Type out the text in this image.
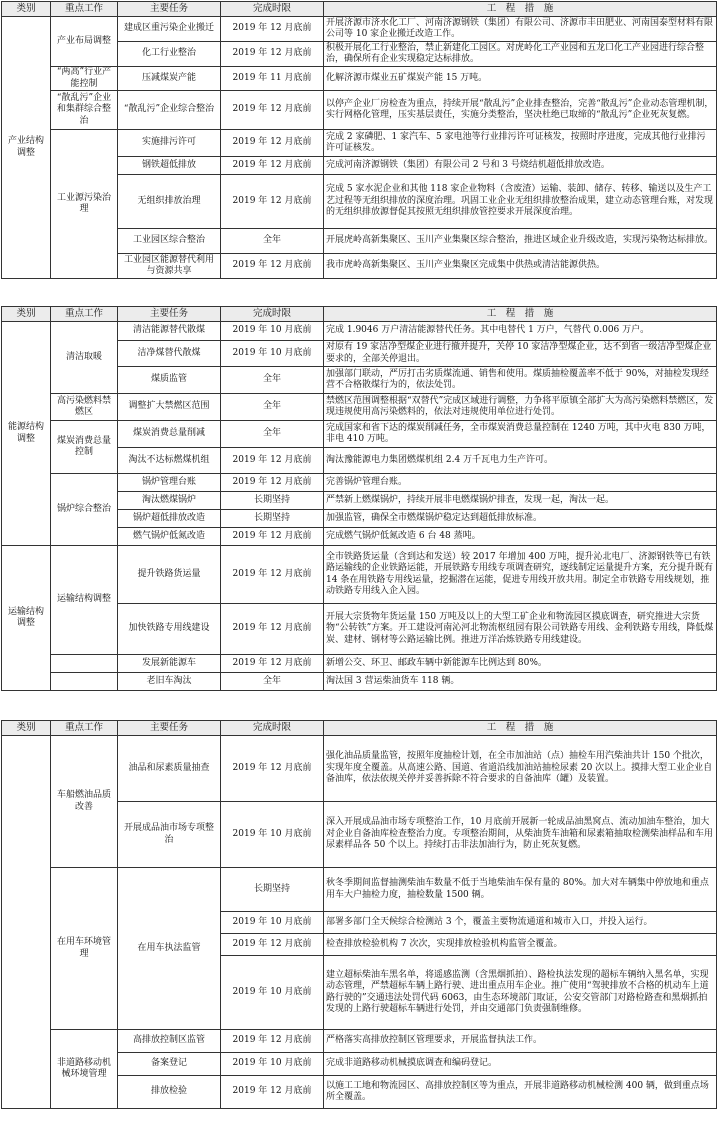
类别	重点工作	主要任务	完成时限	工　程　措　施
产业结构调整	产业布局调整	建成区重污染企业搬迁	2019 年 12 月底前	开展济源市济水化工厂、河南济源钢铁（集团）有限公司、济源市丰田肥业、河南国泰型材料有限公司等 10 家企业搬迁改造工作。
		化工行业整治	2019 年 12 月底前	积极开展化工行业整治，禁止新建化工园区。对虎岭化工产业园和五龙口化工产业园进行综合整治，确保所有企业实现稳定达标排放。
	“两高”行业产能控制	压减煤炭产能	2019 年 11 月底前	化解济源市煤业五矿煤炭产能 15 万吨。
	“散乱污”企业和集群综合整治	“散乱污”企业综合整治	2019 年 12 月底前	以停产企业厂房检查为重点，持续开展“散乱污”企业排查整治，完善“散乱污”企业动态管理机制，实行网格化管理，压实基层责任，实施分类整治，坚决杜绝已取缔的“散乱污”企业死灰复燃。
	工业源污染治理	实施排污许可	2019 年 12 月底前	完成 2 家磷肥、1 家汽车、5 家电池等行业排污许可证核发，按照时序进度，完成其他行业排污许可证核发。
		钢铁超低排放	2019 年 12 月底前	完成河南济源钢铁（集团）有限公司 2 号和 3 号烧结机超低排放改造。
		无组织排放治理	2019 年 12 月底前	完成 5 家水泥企业和其他 118 家企业物料（含废渣）运输、装卸、储存、转移、输送以及生产工艺过程等无组织排放的深度治理。巩固工业企业无组织排放整治成果，建立动态管理台账，对发现的无组织排放源督促其按照无组织排放管控要求开展深度治理。
		工业园区综合整治	全年	开展虎岭高新集聚区、玉川产业集聚区综合整治，推进区域企业升级改造，实现污染物达标排放。
		工业园区能源替代利用与资源共享	2019 年 12 月底前	我市虎岭高新集聚区、玉川产业集聚区完成集中供热或清洁能源供热。
类别	重点工作	主要任务	完成时限	工　程　措　施
能源结构调整	清洁取暖	清洁能源替代散煤	2019 年 10 月底前	完成 1.9046 万户清洁能源替代任务。其中电替代 1 万户，气替代 0.006 万户。
		洁净煤替代散煤	2019 年 10 月底前	对原有 19 家洁净型煤企业进行撤并提升，关停 10 家洁净型煤企业，达不到省一级洁净型煤企业要求的，全部关停退出。
		煤质监管	全年	加强部门联动，严厉打击劣质煤流通、销售和使用。煤质抽检覆盖率不低于 90%，对抽检发现经营不合格散煤行为的，依法处罚。
	高污染燃料禁燃区	调整扩大禁燃区范围	全年	禁燃区范围调整根据“双替代”完成区域进行调整，力争将平原镇全部扩大为高污染燃料禁燃区，发现违规使用高污染燃料的，依法对违规使用单位进行处罚。
	煤炭消费总量控制	煤炭消费总量削减	全年	完成国家和省下达的煤炭削减任务，全市煤炭消费总量控制在 1240 万吨，其中火电 830 万吨，非电 410 万吨。
		淘汰不达标燃煤机组	2019 年 12 月底前	淘汰豫能源电力集团燃煤机组 2.4 万千瓦电力生产许可。
	锅炉综合整治	锅炉管理台账	2019 年 12 月底前	完善锅炉管理台账。
		淘汰燃煤锅炉	长期坚持	严禁新上燃煤锅炉，持续开展非电燃煤锅炉排查，发现一起，淘汰一起。
		锅炉超低排放改造	长期坚持	加强监管，确保全市燃煤锅炉稳定达到超低排放标准。
		燃气锅炉低氮改造	2019 年 12 月底前	完成燃气锅炉低氮改造 6 台 48 蒸吨。
运输结构调整	运输结构调整	提升铁路货运量	2019 年 12 月底前	全市铁路货运量（含到达和发送）较 2017 年增加 400 万吨，提升沁北电厂、济源钢铁等已有铁路运输线的企业铁路运能，开展铁路专用线专项调查研究，逐线制定运量提升方案，充分提升既有 14 条在用铁路专用线运量，挖掘潜在运能，促进专用线开放共用。制定全市铁路专用线规划，推动铁路专用线入企入园。
		加快铁路专用线建设	2019 年 12 月底前	开展大宗货物年货运量 150 万吨及以上的大型工矿企业和物流园区摸底调查，研究推进大宗货物“公转铁”方案。开工建设河南沁河北物流枢纽园有限公司铁路专用线、金利铁路专用线，降低煤炭、建材、钢材等公路运输比例。推进万洋冶炼铁路专用线建设。
		发展新能源车	2019 年 12 月底前	新增公交、环卫、邮政车辆中新能源车比例达到 80%。
		老旧车淘汰	全年	淘汰国 3 营运柴油货车 118 辆。
类别	重点工作	主要任务	完成时限	工　程　措　施
	车船燃油品质改善	油品和尿素质量抽查	2019 年 12 月底前	强化油品质量监管，按照年度抽检计划，在全市加油站（点）抽检车用汽柴油共计 150 个批次，实现年度全覆盖。从高速公路、国道、省道沿线加油站抽检尿素 20 次以上。摸排大型工业企业自备油库，依法依规关停并妥善拆除不符合要求的自备油库（罐）及装置。
		开展成品油市场专项整治	2019 年 10 月底前	深入开展成品油市场专项整治工作，10 月底前开展新一轮成品油黑窝点、流动加油车整治，加大对企业自备油库检查整治力度。专项整治期间，从柴油货车油箱和尿素箱抽取检测柴油样品和车用尿素样品各 50 个以上。持续打击非法加油行为，防止死灰复燃。
	在用车环境管理	在用车执法监管	长期坚持	秋冬季期间监督抽测柴油车数量不低于当地柴油车保有量的 80%。加大对车辆集中停放地和重点用车大户抽检力度，抽检数量 1500 辆。
			2019 年 10 月底前	部署多部门全天候综合检测站 3 个，覆盖主要物流通道和城市入口，并投入运行。
			2019 年 12 月底前	检查排放检验机构 7 次次，实现排放检验机构监管全覆盖。
			2019 年 10 月底前	建立超标柴油车黑名单，将遥感监测（含黑烟抓拍）、路检执法发现的超标车辆纳入黑名单，实现动态管理，严禁超标车辆上路行驶、进出重点用车企业。推广使用“驾驶排放不合格的机动车上道路行驶的”交通违法处罚代码 6063，由生态环境部门取证，公安交管部门对路检路查和黑烟抓拍发现的上路行驶超标车辆进行处罚，并由交通部门负责强制维修。
	非道路移动机械环境管理	高排放控制区监管	2019 年 12 月底前	严格落实高排放控制区管理要求，开展监督执法工作。
		备案登记	2019 年 10 月底前	完成非道路移动机械摸底调查和编码登记。
		排放检验	2019 年 12 月底前	以施工工地和物流园区、高排放控制区等为重点，开展非道路移动机械检测 400 辆，做到重点场所全覆盖。
